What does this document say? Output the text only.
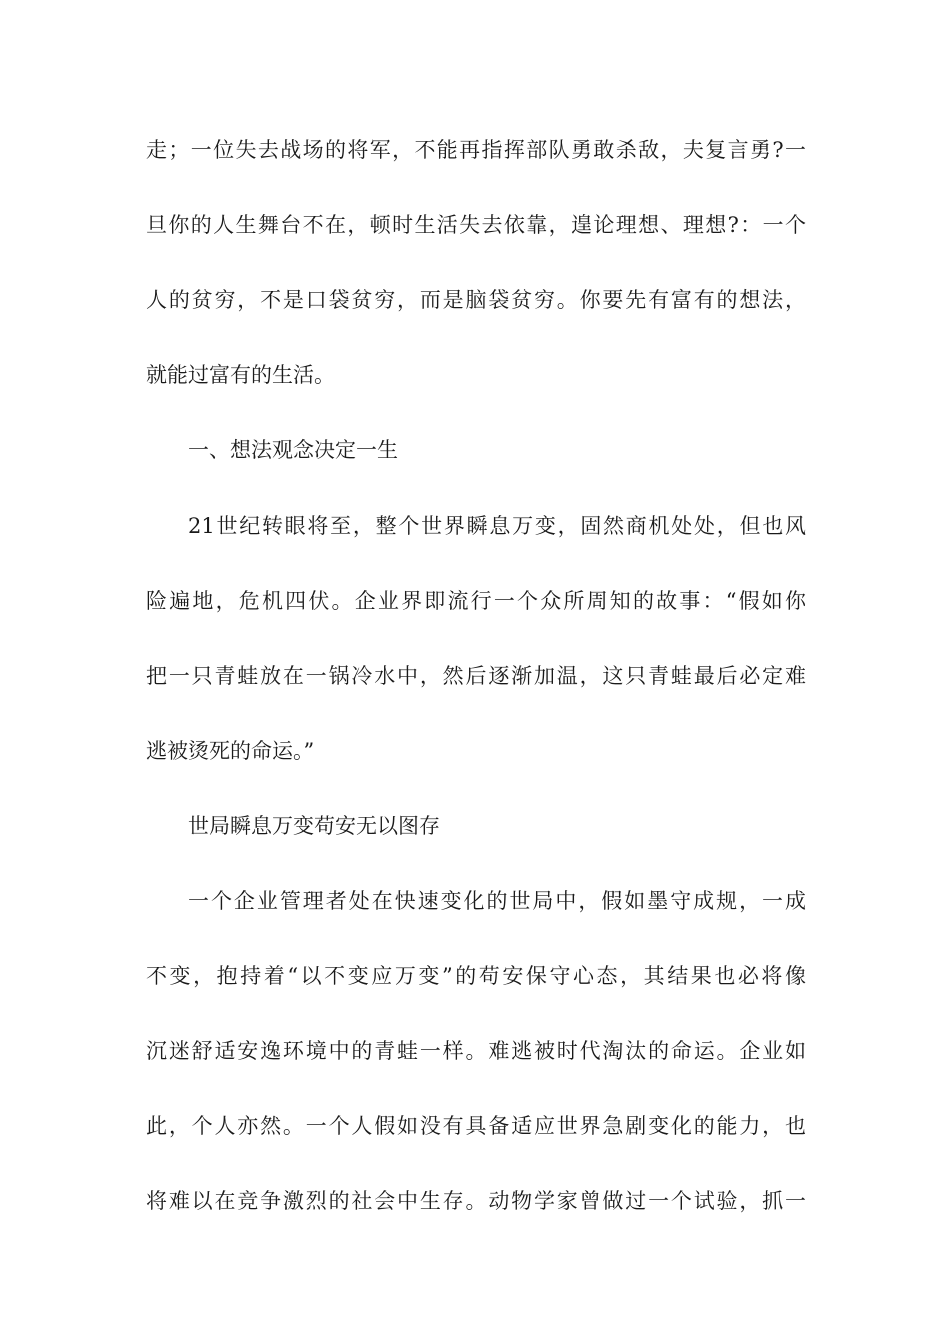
走；一位失去战场的将军，不能再指挥部队勇敢杀敌，夫复言勇?一
旦你的人生舞台不在，顿时生活失去依靠，遑论理想、理想?：一个
人的贫穷，不是口袋贫穷，而是脑袋贫穷。你要先有富有的想法，
就能过富有的生活。
一、想法观念决定一生
21世纪转眼将至，整个世界瞬息万变，固然商机处处，但也风
险遍地，危机四伏。企业界即流行一个众所周知的故事：“假如你
把一只青蛙放在一锅冷水中，然后逐渐加温，这只青蛙最后必定难
逃被烫死的命运。”
世局瞬息万变苟安无以图存
一个企业管理者处在快速变化的世局中，假如墨守成规，一成
不变，抱持着“以不变应万变”的苟安保守心态，其结果也必将像
沉迷舒适安逸环境中的青蛙一样。难逃被时代淘汰的命运。企业如
此，个人亦然。一个人假如没有具备适应世界急剧变化的能力，也
将难以在竞争激烈的社会中生存。动物学家曾做过一个试验，抓一
